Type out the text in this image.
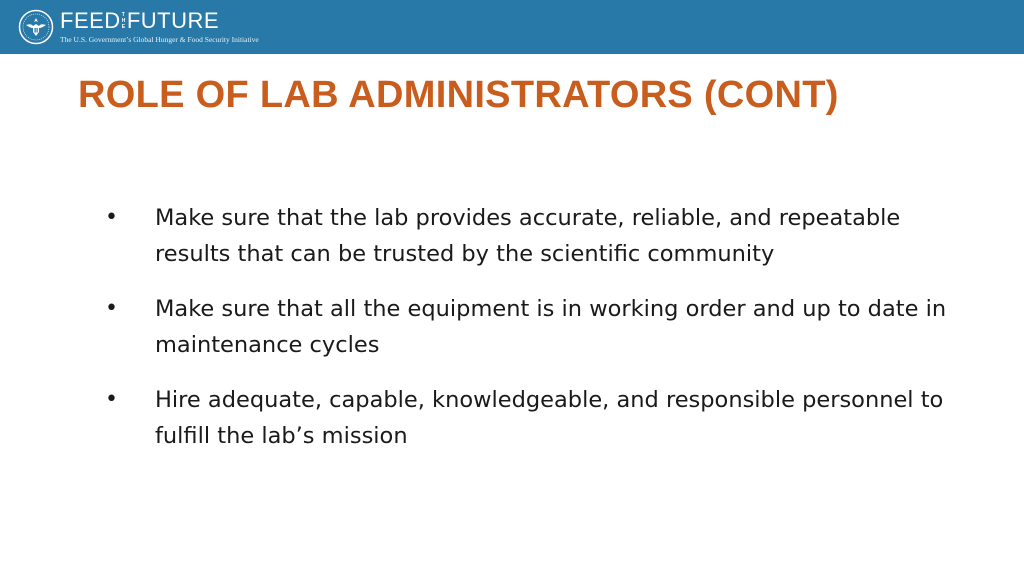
FEED T
H
E FUTURE
The U.S. Government’s Global Hunger & Food Security Initiative
ROLE OF LAB ADMINISTRATORS (CONT)
• Make sure that the lab provides accurate, reliable, and repeatable results that can be trusted by the scientific community
• Make sure that all the equipment is in working order and up to date in maintenance cycles
• Hire adequate, capable, knowledgeable, and responsible personnel to fulfill the lab’s mission
